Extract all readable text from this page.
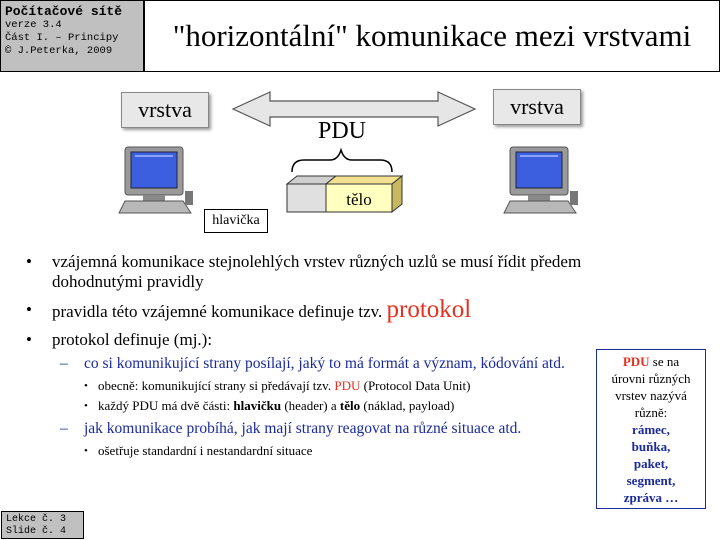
Počítačové sítě
verze 3.4
Část I. – Principy
© J.Peterka, 2009	"horizontální" komunikace mezi vrstvami
tělo
vrstva	vrstva
PDU
hlavička
• vzájemná komunikace stejnolehlých vrstev různých uzlů se musí řídit předem dohodnutými pravidly
• pravidla této vzájemné komunikace definuje tzv. protokol
• protokol definuje (mj.):
– co si komunikující strany posílají, jaký to má formát a význam, kódování atd.
• obecně: komunikující strany si předávají tzv. PDU (Protocol Data Unit)
• každý PDU má dvě části: hlavičku (header) a tělo (náklad, payload)
– jak komunikace probíhá, jak mají strany reagovat na různé situace atd.
• ošetřuje standardní i nestandardní situace
PDU se na
úrovni různých
vrstev nazývá
různě:
rámec,
buňka,
paket,
segment,
zpráva …
Lekce č. 3
Slide č. 4
